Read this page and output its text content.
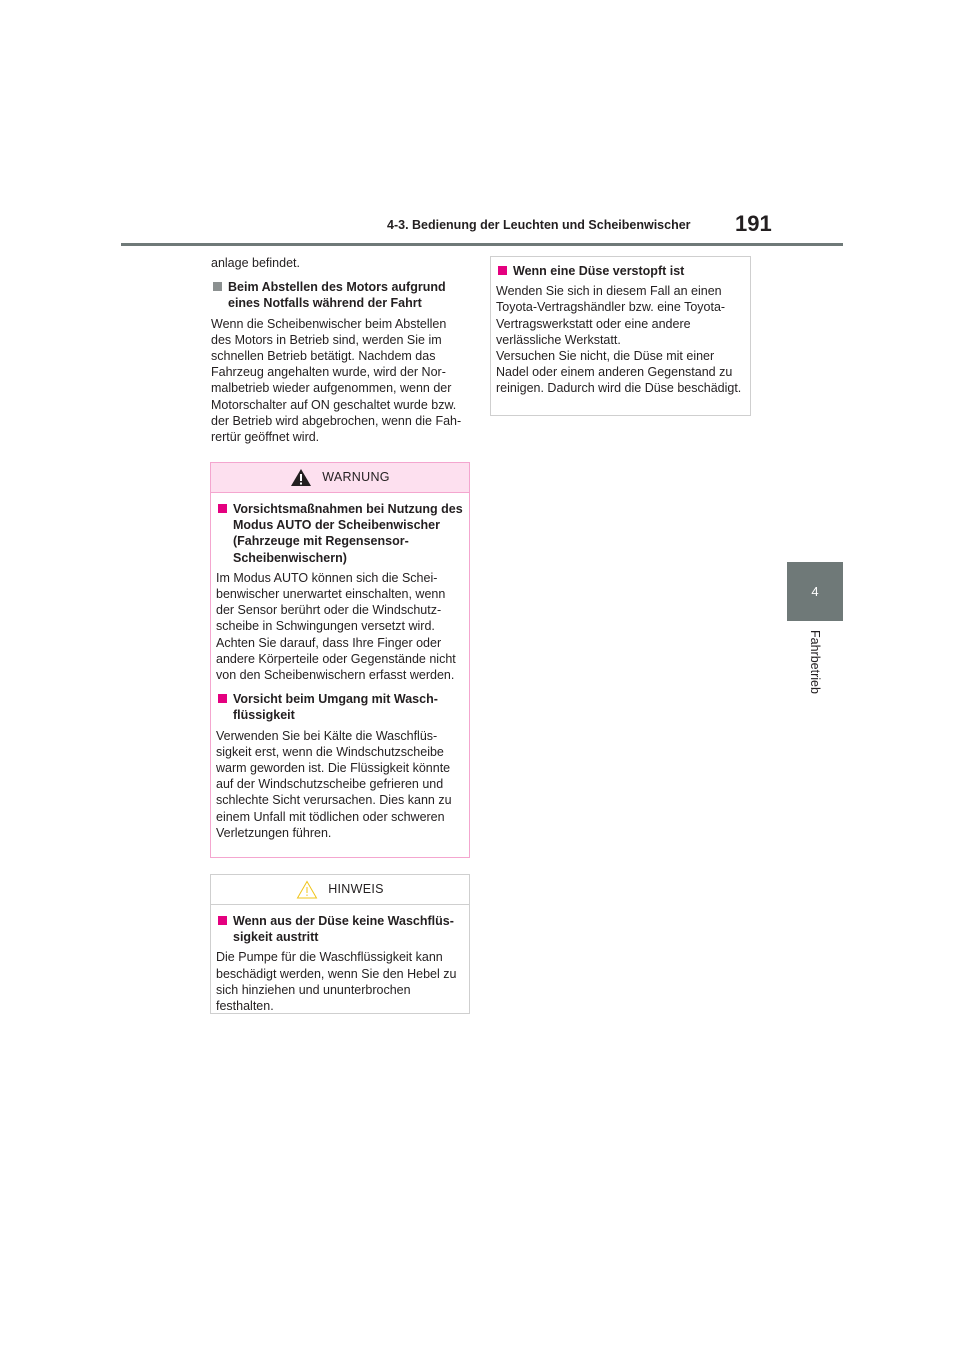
4-3. Bedienung der Leuchten und Scheibenwischer 191
4
Fahrbetrieb

anlage befindet.

Beim Abstellen des Motors aufgrund eines Notfalls während der Fahrt

Wenn die Scheibenwischer beim Abstellen des Motors in Betrieb sind, werden Sie im schnellen Betrieb betätigt. Nachdem das Fahrzeug angehalten wurde, wird der Normalbetrieb wieder aufgenommen, wenn der Motorschalter auf ON geschaltet wurde bzw. der Betrieb wird abgebrochen, wenn die Fahrertür geöffnet wird.

WARNUNG
Vorsichtsmaßnahmen bei Nutzung des Modus AUTO der Scheibenwischer (Fahrzeuge mit Regensensor-Scheibenwischern)

Im Modus AUTO können sich die Scheibenwischer unerwartet einschalten, wenn der Sensor berührt oder die Windschutzscheibe in Schwingungen versetzt wird. Achten Sie darauf, dass Ihre Finger oder andere Körperteile oder Gegenstände nicht von den Scheibenwischern erfasst werden.

Vorsicht beim Umgang mit Waschflüssigkeit

Verwenden Sie bei Kälte die Waschflüssigkeit erst, wenn die Windschutzscheibe warm geworden ist. Die Flüssigkeit könnte auf der Windschutzscheibe gefrieren und schlechte Sicht verursachen. Dies kann zu einem Unfall mit tödlichen oder schweren Verletzungen führen.

HINWEIS
Wenn aus der Düse keine Waschflüssigkeit austritt

Die Pumpe für die Waschflüssigkeit kann beschädigt werden, wenn Sie den Hebel zu sich hinziehen und ununterbrochen festhalten.

Wenn eine Düse verstopft ist

Wenden Sie sich in diesem Fall an einen Toyota-Vertragshändler bzw. eine Toyota-Vertragswerkstatt oder eine andere verlässliche Werkstatt.

Versuchen Sie nicht, die Düse mit einer Nadel oder einem anderen Gegenstand zu reinigen. Dadurch wird die Düse beschädigt.
